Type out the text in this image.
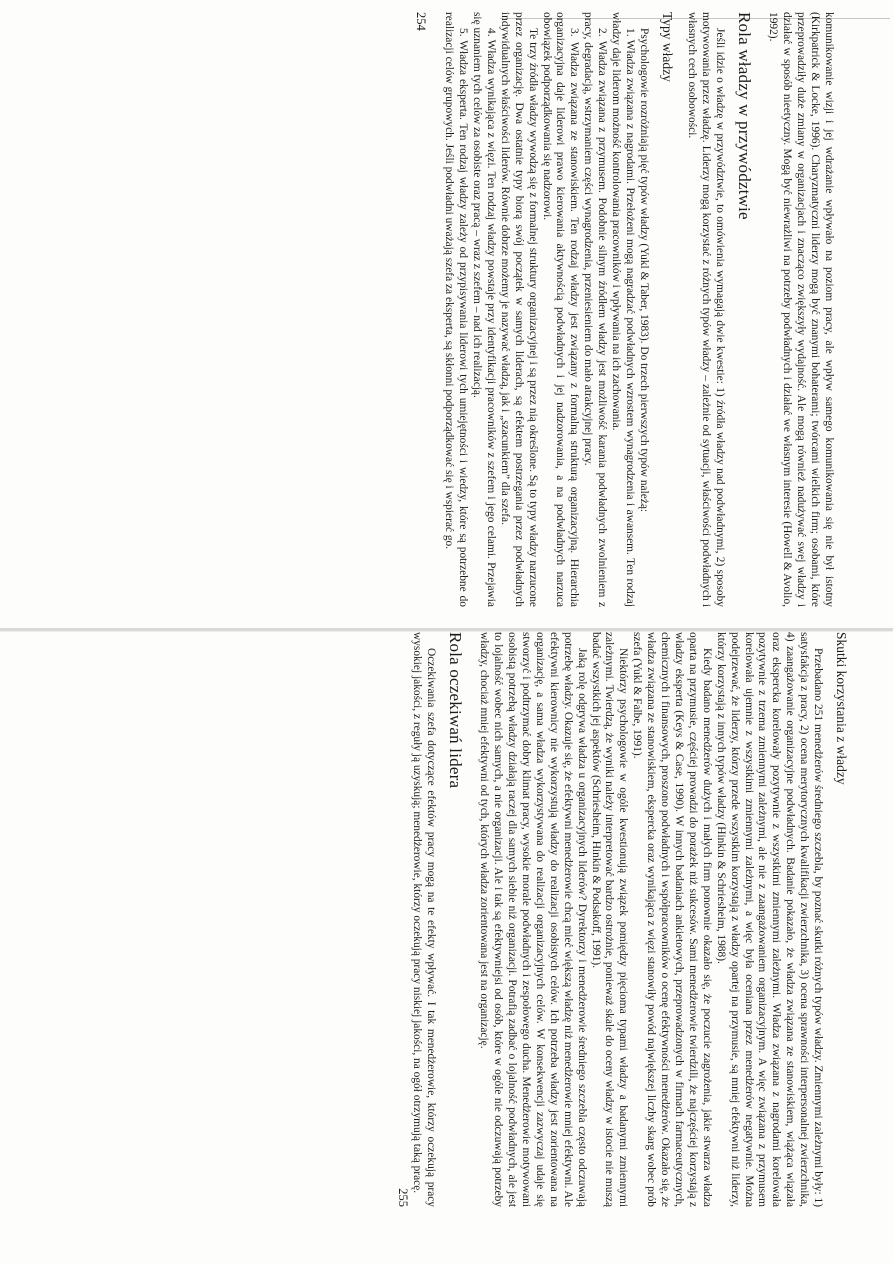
Skutki korzystania z władzy

Przebadano 251 menedżerów średniego szczebla, by poznać skutki różnych typów władzy. Zmiennymi zależnymi były: 1) satysfakcja z pracy, 2) ocena merytorycznych kwalifikacji zwierzchnika, 3) ocena sprawności interpersonalnej zwierzchnika, 4) zaangażowanie organizacyjne podwładnych. Badanie pokazało, że władza związana ze stanowiskiem, wiążąca wiązała oraz ekspercka korelowały pozytywnie z wszystkimi zmiennymi zależnymi. Władza związana z nagrodami korelowała pozytywnie z trzema zmiennymi zależnymi, ale nie z zaangażowaniem organizacyjnym. A więc związana z przymusem korelowała ujemnie z wszystkimi zmiennymi zależnymi, a więc była oceniana przez menedżerów negatywnie. Można podejrzewać, że liderzy, którzy przede wszystkim korzystają z władzy opartej na przymusie, są mniej efektywni niż liderzy, którzy korzystają z innych typów władzy (Hinkin & Schriesheim, 1988).

Kiedy badano menedżerów dużych i małych firm ponownie okazało się, że poczucie zagrożenia, jakie stwarza władza oparta na przymusie, częściej prowadzi do porażek niż sukcesów. Sami menedżerowie twierdzili, że najczęściej korzystają z władzy eksperta (Keys & Case, 1990). W innych badaniach ankietowych, przeprowadzonych w firmach farmaceutycznych, chemicznych i finansowych, proszono podwładnych i współpracowników o ocenę efektywności menedżerów. Okazało się, że władza związana ze stanowiskiem, ekspercka oraz wynikająca z więzi stanowiły powód największej liczby skarg wobec prób szefa (Yukl & Falbe, 1991).

Niektórzy psychologowie w ogóle kwestionują związek pomiędzy pięcioma typami władzy a badanymi zmiennymi zależnymi. Twierdzą, że wyniki należy interpretować bardzo ostrożnie, ponieważ skale do oceny władzy w istocie nie muszą badać wszystkich jej aspektów (Schriesheim, Hinkin & Podsakoff, 1991).

Jaką rolę odgrywa władza u organizacyjnych liderów? Dyrektorzy i menedżerowie średniego szczebla często odczuwają potrzebę władzy. Okazuje się, że efektywni menedżerowie chcą mieć większą władzę niż menedżerowie mniej efektywni. Ale efektywni kierownicy nie wykorzystują władzy do realizacji osobistych celów. Ich potrzeba władzy jest zorientowana na organizację, a sama władza wykorzystywana do realizacji organizacyjnych celów. W konsekwencji zazwyczaj udaje się stworzyć i podtrzymać dobry klimat pracy, wysokie morale podwładnych i zespołowego ducha. Menedżerowie motywowani osobistą potrzebą władzy działają raczej dla samych siebie niż organizacji. Potrafią zadbać o lojalność podwładnych, ale jest to lojalność wobec nich samych, a nie organizacji. Ale i tak są efektywniejsi od osób, które w ogóle nie odczuwają potrzeby władzy, chociaż mniej efektywni od tych, których władza zorientowana jest na organizację.

Rola oczekiwań lidera

Oczekiwania szefa dotyczące efektów pracy mogą na te efekty wpływać. I tak menedżerowie, którzy oczekują pracy wysokiej jakości, z reguły ją uzyskują; menedżerowie, którzy oczekują pracy niskiej jakości, na ogół otrzymują taką pracę.

255

komunikowanie wizji i jej wdrażanie wpływało na poziom pracy, ale wpływ samego komunikowania się nie był istotny (Kirkpatrick & Locke, 1996). Charyzmatyczni liderzy mogą być znanymi bohaterami; twórcami wielkich firm; osobami, które przeprowadziły duże zmiany w organizacjach i znacząco zwiększyły wydajność. Ale mogą również nadużywać swej władzy i działać w sposób nieetyczny. Mogą być niewrażliwi na potrzeby podwładnych i działać we własnym interesie (Howell & Avolio, 1992).

Rola władzy w przywództwie

Jeśli idzie o władzę w przywództwie, to omówienia wymagają dwie kwestie: 1) źródła władzy nad podwładnymi, 2) sposoby motywowania przez władzę. Liderzy mogą korzystać z różnych typów władzy – zależnie od sytuacji, właściwości podwładnych i własnych cech osobowości.

Typy władzy

Psychologowie rozróżniają pięć typów władzy (Yukl & Taber, 1983). Do trzech pierwszych typów należą:

1. Władza związana z nagrodami. Przełożeni mogą nagradzać podwładnych wzrostem wynagrodzenia i awansem. Ten rodzaj władzy daje liderom możność kontrolowania pracowników i wpływania na ich zachowania.

2. Władza związana z przymusem. Podobnie silnym źródłem władzy jest możliwość karania podwładnych zwolnieniem z pracy, degradacją, wstrzymaniem części wynagrodzenia, przeniesieniem do mało atrakcyjnej pracy.

3. Władza związana ze stanowiskiem. Ten rodzaj władzy jest związany z formalną strukturą organizacyjną. Hierarchia organizacyjna daje liderowi prawo kierowania aktywnością podwładnych i jej nadzorowania, a na podwładnych narzuca obowiązek podporządkowania się nadzorowi.

Te trzy źródła władzy wywodzą się z formalnej struktury organizacyjnej i są przez nią określone. Są to typy władzy narzucone przez organizację. Dwa ostatnie typy biorą swój początek w samych liderach, są efektem postrzegania przez podwładnych indywidualnych właściwości liderów. Równie dobrze możemy je nazywać władzą, jak i „szacunkiem” dla szefa.

4. Władza wynikająca z więzi. Ten rodzaj władzy powstaje przy identyfikacji pracowników z szefem i jego celami. Przejawia się uznaniem tych celów za osobiste oraz pracą – wraz z szefem – nad ich realizacją.

5. Władza eksperta. Ten rodzaj władzy zależy od przypisywania liderowi tych umiejętności i wiedzy, które są potrzebne do realizacji celów grupowych. Jeśli podwładni uważają szefa za eksperta, są skłonni podporządkować się i wspierać go.

254
